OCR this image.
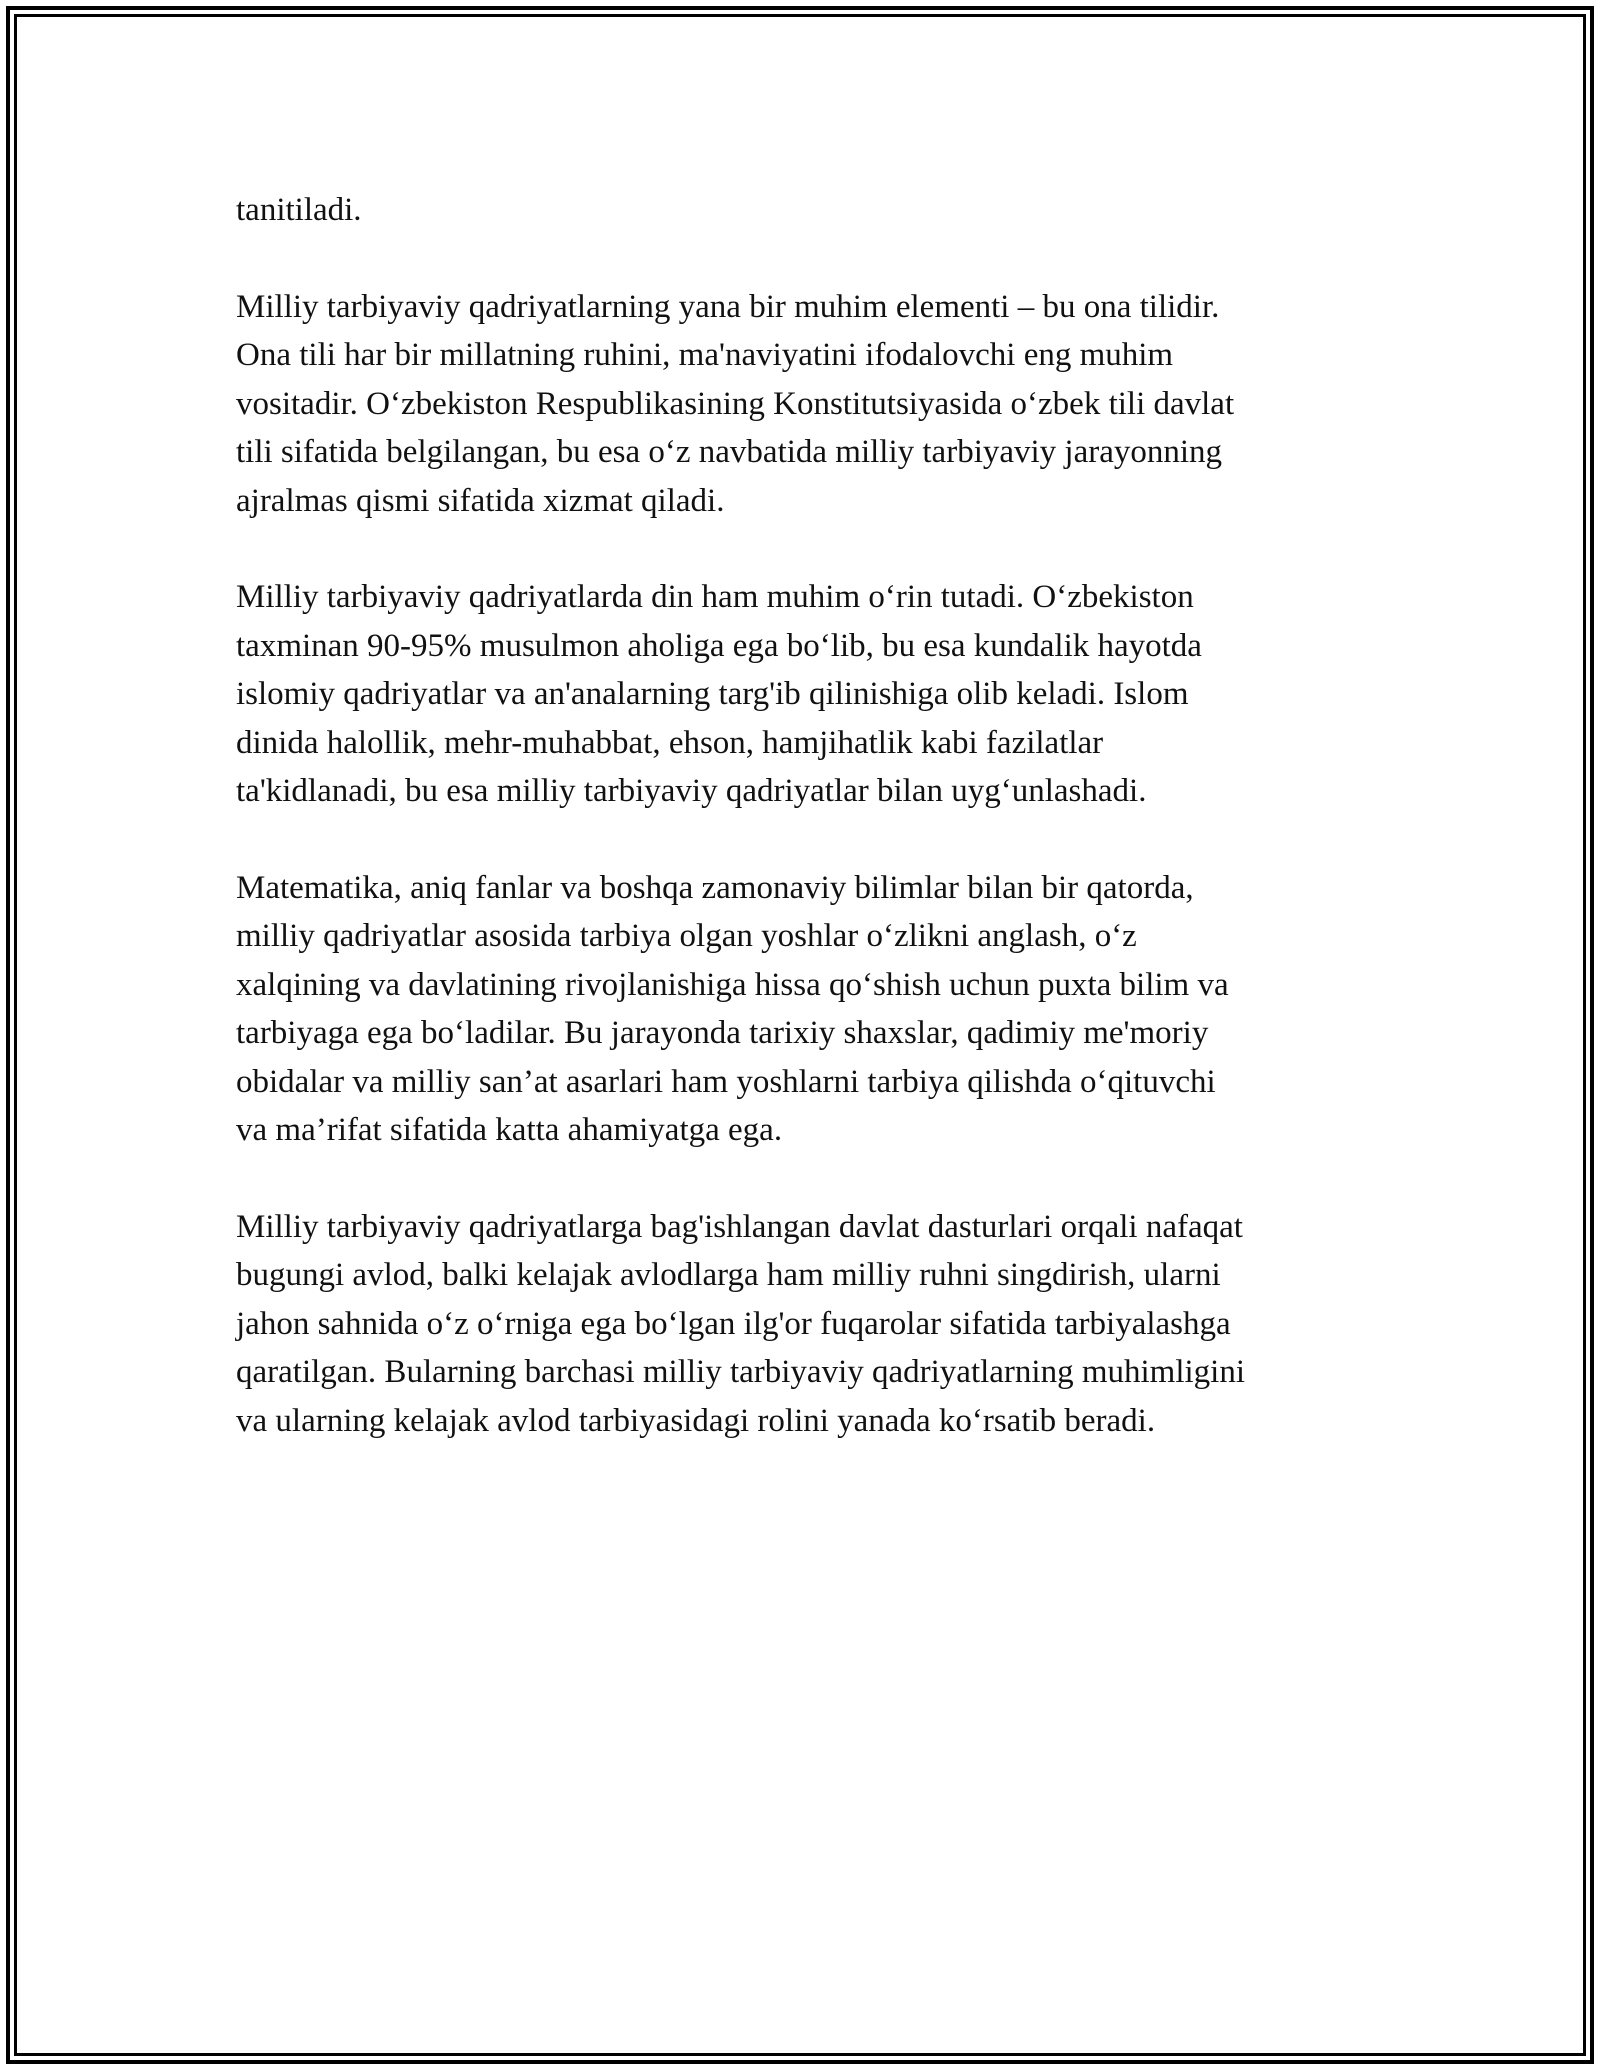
tanitiladi.

Milliy tarbiyaviy qadriyatlarning yana bir muhim elementi – bu ona tilidir.
Ona tili har bir millatning ruhini, ma'naviyatini ifodalovchi eng muhim
vositadir. O‘zbekiston Respublikasining Konstitutsiyasida o‘zbek tili davlat
tili sifatida belgilangan, bu esa o‘z navbatida milliy tarbiyaviy jarayonning
ajralmas qismi sifatida xizmat qiladi.

Milliy tarbiyaviy qadriyatlarda din ham muhim o‘rin tutadi. O‘zbekiston
taxminan 90-95% musulmon aholiga ega bo‘lib, bu esa kundalik hayotda
islomiy qadriyatlar va an'analarning targ'ib qilinishiga olib keladi. Islom
dinida halollik, mehr-muhabbat, ehson, hamjihatlik kabi fazilatlar
ta'kidlanadi, bu esa milliy tarbiyaviy qadriyatlar bilan uyg‘unlashadi.

Matematika, aniq fanlar va boshqa zamonaviy bilimlar bilan bir qatorda,
milliy qadriyatlar asosida tarbiya olgan yoshlar o‘zlikni anglash, o‘z
xalqining va davlatining rivojlanishiga hissa qo‘shish uchun puxta bilim va
tarbiyaga ega bo‘ladilar. Bu jarayonda tarixiy shaxslar, qadimiy me'moriy
obidalar va milliy san’at asarlari ham yoshlarni tarbiya qilishda o‘qituvchi
va ma’rifat sifatida katta ahamiyatga ega.

Milliy tarbiyaviy qadriyatlarga bag'ishlangan davlat dasturlari orqali nafaqat
bugungi avlod, balki kelajak avlodlarga ham milliy ruhni singdirish, ularni
jahon sahnida o‘z o‘rniga ega bo‘lgan ilg'or fuqarolar sifatida tarbiyalashga
qaratilgan. Bularning barchasi milliy tarbiyaviy qadriyatlarning muhimligini
va ularning kelajak avlod tarbiyasidagi rolini yanada ko‘rsatib beradi.
